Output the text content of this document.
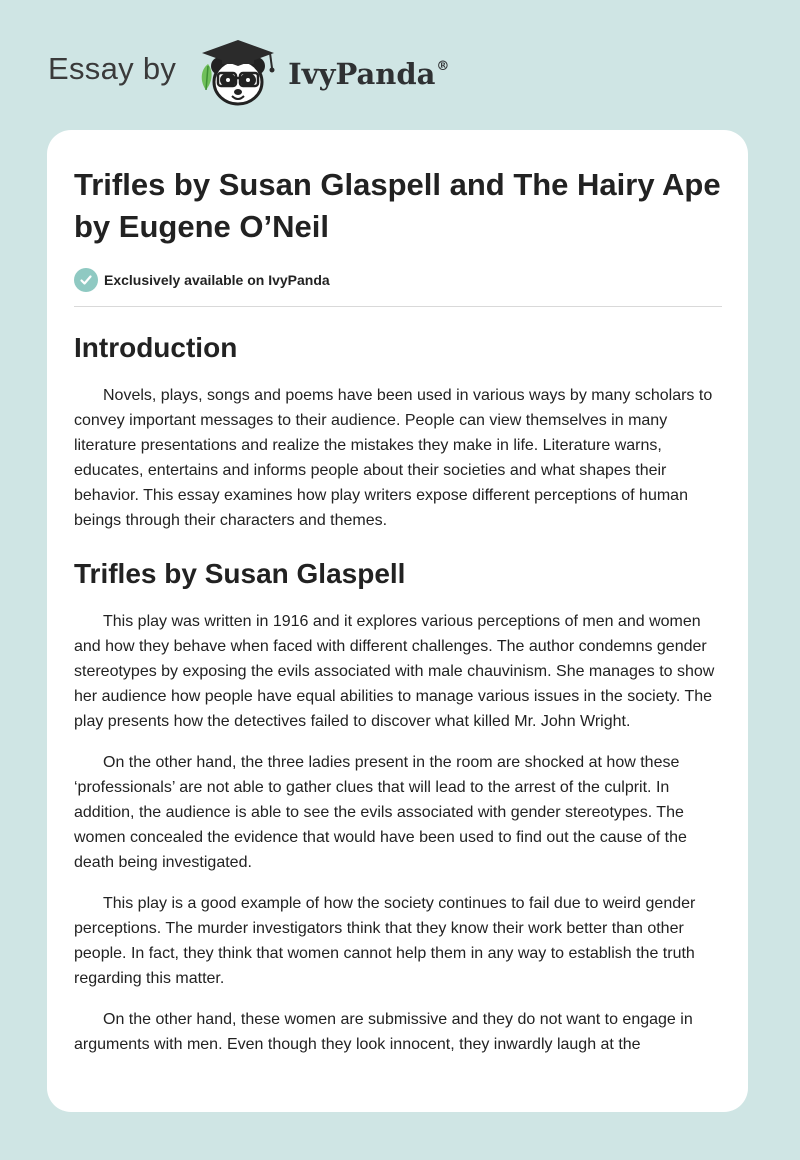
Essay by	IvyPanda®
Trifles by Susan Glaspell and The Hairy Ape by Eugene O’Neil
Exclusively available on IvyPanda
Introduction

Novels, plays, songs and poems have been used in various ways by many scholars to convey important messages to their audience. People can view themselves in many literature presentations and realize the mistakes they make in life. Literature warns, educates, entertains and informs people about their societies and what shapes their behavior. This essay examines how play writers expose different perceptions of human beings through their characters and themes.

Trifles by Susan Glaspell

This play was written in 1916 and it explores various perceptions of men and women and how they behave when faced with different challenges. The author condemns gender stereotypes by exposing the evils associated with male chauvinism. She manages to show her audience how people have equal abilities to manage various issues in the society. The play presents how the detectives failed to discover what killed Mr. John Wright.

On the other hand, the three ladies present in the room are shocked at how these ‘professionals’ are not able to gather clues that will lead to the arrest of the culprit. In addition, the audience is able to see the evils associated with gender stereotypes. The women concealed the evidence that would have been used to find out the cause of the death being investigated.

This play is a good example of how the society continues to fail due to weird gender perceptions. The murder investigators think that they know their work better than other people. In fact, they think that women cannot help them in any way to establish the truth regarding this matter.

On the other hand, these women are submissive and they do not want to engage in arguments with men. Even though they look innocent, they inwardly laugh at the
